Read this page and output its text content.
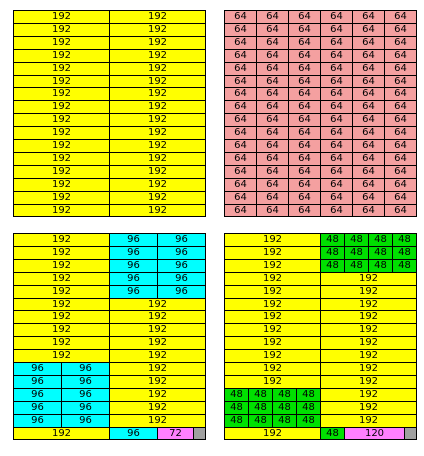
192	192
192	192
192	192
192	192
192	192
192	192
192	192
192	192
192	192
192	192
192	192
192	192
192	192
192	192
192	192
192	192
64	64	64	64	64	64
64	64	64	64	64	64
64	64	64	64	64	64
64	64	64	64	64	64
64	64	64	64	64	64
64	64	64	64	64	64
64	64	64	64	64	64
64	64	64	64	64	64
64	64	64	64	64	64
64	64	64	64	64	64
64	64	64	64	64	64
64	64	64	64	64	64
64	64	64	64	64	64
64	64	64	64	64	64
64	64	64	64	64	64
64	64	64	64	64	64
192	96	96
192	96	96
192	96	96
192	96	96
192	96	96
192	192
192	192
192	192
192	192
192	192
96	96	192
96	96	192
96	96	192
96	96	192
96	96	192
192	96	72
192	48	48	48	48
192	48	48	48	48
192	48	48	48	48
192	192
192	192
192	192
192	192
192	192
192	192
192	192
192	192
192	192
48	48	48	48	192
48	48	48	48	192
48	48	48	48	192
192	48	120
